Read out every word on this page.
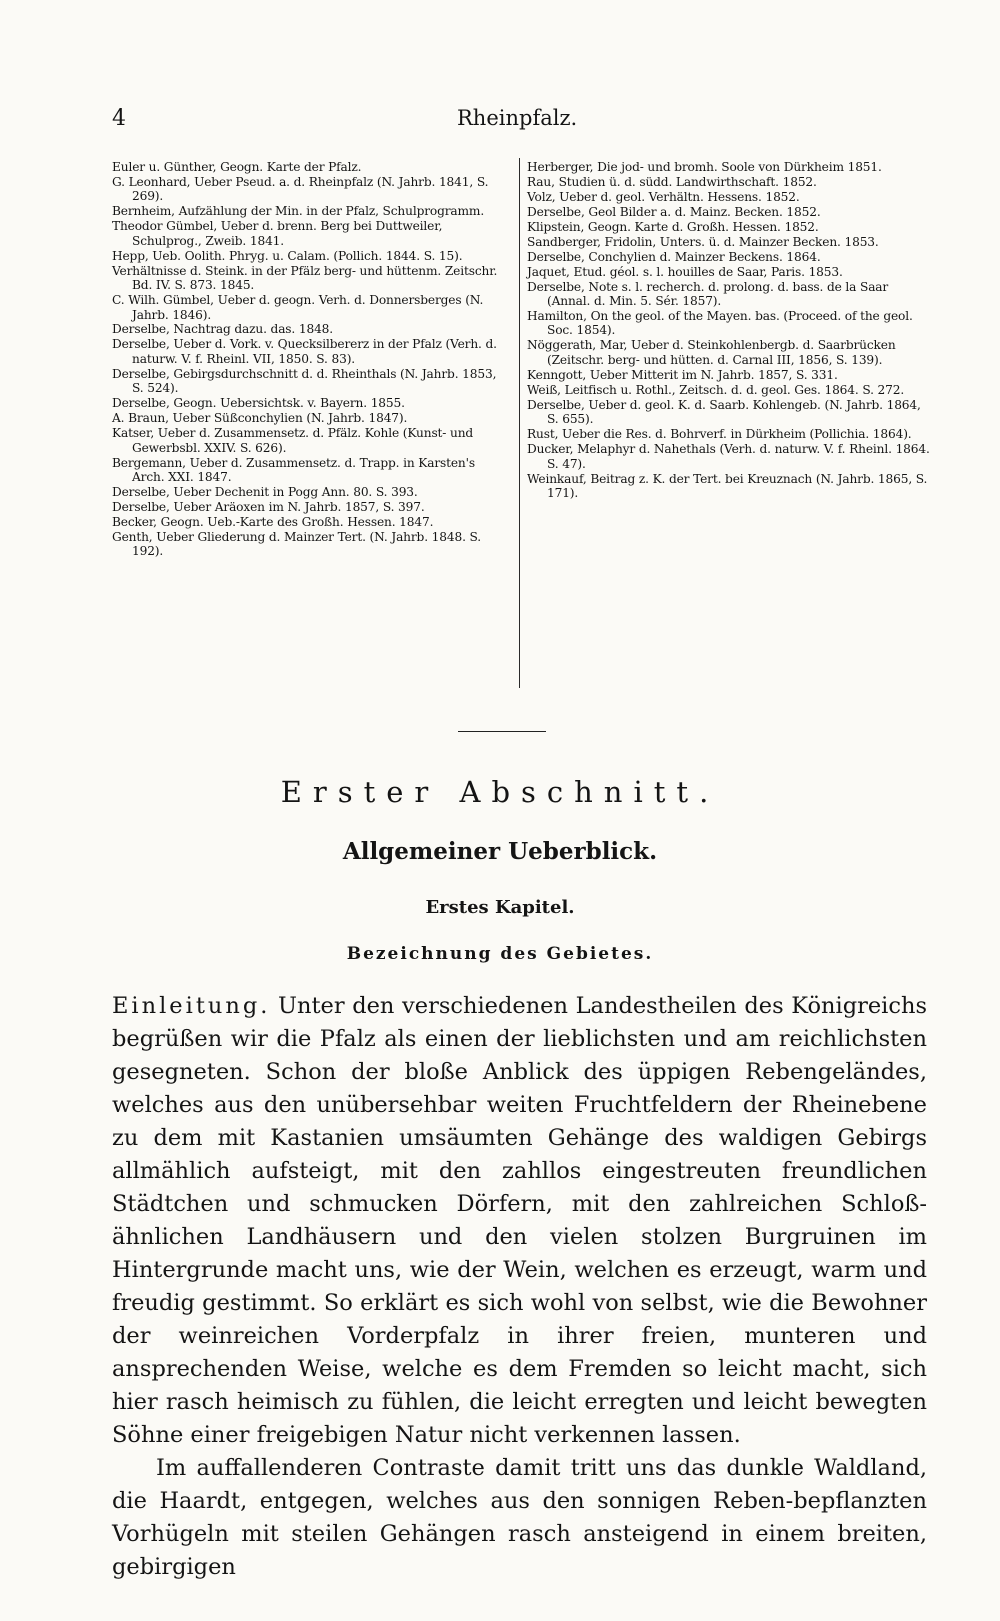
4	Rheinpfalz.
Euler u. Günther, Geogn. Karte der Pfalz.
G. Leonhard, Ueber Pseud. a. d. Rheinpfalz (N. Jahrb. 1841, S. 269).
Bernheim, Aufzählung der Min. in der Pfalz, Schulprogramm.
Theodor Gümbel, Ueber d. brenn. Berg bei Duttweiler, Schulprog., Zweib. 1841.
Hepp, Ueb. Oolith. Phryg. u. Calam. (Pollich. 1844. S. 15).
Verhältnisse d. Steink. in der Pfälz berg- und hüttenm. Zeitschr. Bd. IV. S. 873. 1845.
C. Wilh. Gümbel, Ueber d. geogn. Verh. d. Donnersberges (N. Jahrb. 1846).
Derselbe, Nachtrag dazu. das. 1848.
Derselbe, Ueber d. Vork. v. Quecksilbererz in der Pfalz (Verh. d. naturw. V. f. Rheinl. VII, 1850. S. 83).
Derselbe, Gebirgsdurchschnitt d. d. Rheinthals (N. Jahrb. 1853, S. 524).
Derselbe, Geogn. Uebersichtsk. v. Bayern. 1855.
A. Braun, Ueber Süßconchylien (N. Jahrb. 1847).
Katser, Ueber d. Zusammensetz. d. Pfälz. Kohle (Kunst- und Gewerbsbl. XXIV. S. 626).
Bergemann, Ueber d. Zusammensetz. d. Trapp. in Karsten's Arch. XXI. 1847.
Derselbe, Ueber Dechenit in Pogg Ann. 80. S. 393.
Derselbe, Ueber Aräoxen im N. Jahrb. 1857, S. 397.
Becker, Geogn. Ueb.-Karte des Großh. Hessen. 1847.
Genth, Ueber Gliederung d. Mainzer Tert. (N. Jahrb. 1848. S. 192).
Herberger, Die jod- und bromh. Soole von Dürkheim 1851.
Rau, Studien ü. d. südd. Landwirthschaft. 1852.
Volz, Ueber d. geol. Verhältn. Hessens. 1852.
Derselbe, Geol Bilder a. d. Mainz. Becken. 1852.
Klipstein, Geogn. Karte d. Großh. Hessen. 1852.
Sandberger, Fridolin, Unters. ü. d. Mainzer Becken. 1853.
Derselbe, Conchylien d. Mainzer Beckens. 1864.
Jaquet, Etud. géol. s. l. houilles de Saar, Paris. 1853.
Derselbe, Note s. l. recherch. d. prolong. d. bass. de la Saar (Annal. d. Min. 5. Sér. 1857).
Hamilton, On the geol. of the Mayen. bas. (Proceed. of the geol. Soc. 1854).
Nöggerath, Mar, Ueber d. Steinkohlenbergb. d. Saarbrücken (Zeitschr. berg- und hütten. d. Carnal III, 1856, S. 139).
Kenngott, Ueber Mitterit im N. Jahrb. 1857, S. 331.
Weiß, Leitfisch u. Rothl., Zeitsch. d. d. geol. Ges. 1864. S. 272.
Derselbe, Ueber d. geol. K. d. Saarb. Kohlengeb. (N. Jahrb. 1864, S. 655).
Rust, Ueber die Res. d. Bohrverf. in Dürkheim (Pollichia. 1864).
Ducker, Melaphyr d. Nahethals (Verh. d. naturw. V. f. Rheinl. 1864. S. 47).
Weinkauf, Beitrag z. K. der Tert. bei Kreuznach (N. Jahrb. 1865, S. 171).
Erster Abschnitt.
Allgemeiner Ueberblick.
Erstes Kapitel.
Bezeichnung des Gebietes.

Einleitung. Unter den verschiedenen Landestheilen des Königreichs begrüßen wir die Pfalz als einen der lieblichsten und am reichlichsten gesegneten. Schon der bloße Anblick des üppigen Rebengeländes, welches aus den unübersehbar weiten Fruchtfeldern der Rheinebene zu dem mit Kastanien umsäumten Gehänge des waldigen Gebirgs allmählich aufsteigt, mit den zahllos eingestreuten freundlichen Städtchen und schmucken Dörfern, mit den zahlreichen Schloß-ähnlichen Landhäusern und den vielen stolzen Burgruinen im Hintergrunde macht uns, wie der Wein, welchen es erzeugt, warm und freudig gestimmt. So erklärt es sich wohl von selbst, wie die Bewohner der weinreichen Vorderpfalz in ihrer freien, munteren und ansprechenden Weise, welche es dem Fremden so leicht macht, sich hier rasch heimisch zu fühlen, die leicht erregten und leicht bewegten Söhne einer freigebigen Natur nicht verkennen lassen.

Im auffallenderen Contraste damit tritt uns das dunkle Waldland, die Haardt, entgegen, welches aus den sonnigen Reben-bepflanzten Vorhügeln mit steilen Gehängen rasch ansteigend in einem breiten, gebirgigen
